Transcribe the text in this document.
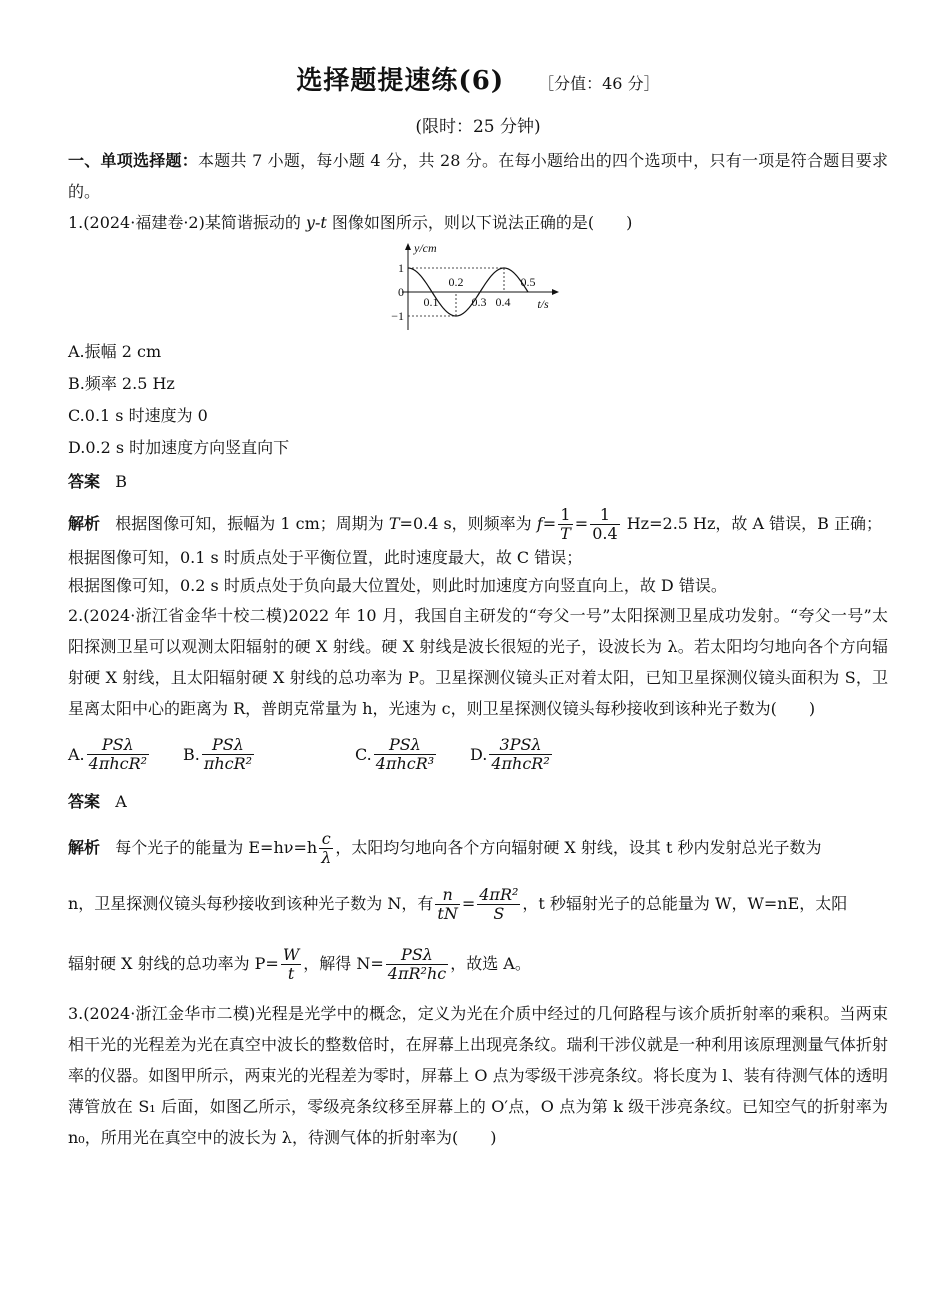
选择题提速练(6) ［分值：46 分］
(限时：25 分钟)

一、单项选择题：本题共 7 小题，每小题 4 分，共 28 分。在每小题给出的四个选项中，只有一项是符合题目要求的。

1.(2024·福建卷·2)某简谐振动的 y-t 图像如图所示，则以下说法正确的是(　　)

1
0
−1
0.1
0.2
0.3 0.4
0.5
y/cm
t/s

A.振幅 2 cm

B.频率 2.5 Hz

C.0.1 s 时速度为 0

D.0.2 s 时加速度方向竖直向下

答案 B

解析 根据图像可知，振幅为 1 cm；周期为 T=0.4 s，则频率为 $f= \frac{1}{T} = \frac{1}{0.4} Hz=2.5$ Hz，故 A 错误，B 正确；

根据图像可知，0.1 s 时质点处于平衡位置，此时速度最大，故 C 错误；

根据图像可知，0.2 s 时质点处于负向最大位置处，则此时加速度方向竖直向上，故 D 错误。

2.(2024·浙江省金华十校二模)2022 年 10 月，我国自主研发的“夸父一号”太阳探测卫星成功发射。“夸父一号”太阳探测卫星可以观测太阳辐射的硬 X 射线。硬 X 射线是波长很短的光子，设波长为 λ。若太阳均匀地向各个方向辐射硬 X 射线，且太阳辐射硬 X 射线的总功率为 P。卫星探测仪镜头正对着太阳，已知卫星探测仪镜头面积为 S，卫星离太阳中心的距离为 R，普朗克常量为 h，光速为 c，则卫星探测仪镜头每秒接收到该种光子数为(　　)

A. $\frac{\text{PSλ}}{\text{4πhcR²}} B$. $\frac{\text{PSλ}}{\text{πhcR²}}$	C. $\frac{\text{PSλ}}{\text{4πhcR³}} D$. $\frac{\text{3PSλ}}{\text{4πhcR²}}$

答案 A

解析 每个光子的能量为 $E=h\nu=h \frac{c}{\lambda}$ ，太阳均匀地向各个方向辐射硬 X 射线，设其 t 秒内发射总光子数为

n，卫星探测仪镜头每秒接收到该种光子数为 N，有 $\frac{n}{tN} = \frac{\text{4πR²}}{S}$ ，t 秒辐射光子的总能量为 W，W=nE，太阳

辐射硬 X 射线的总功率为 $P= \frac{W}{t}$ ，解得 $N= \frac{\text{PSλ}}{\text{4πR²hc}}$ ，故选 A。

3.(2024·浙江金华市二模)光程是光学中的概念，定义为光在介质中经过的几何路程与该介质折射率的乘积。当两束相干光的光程差为光在真空中波长的整数倍时，在屏幕上出现亮条纹。瑞利干涉仪就是一种利用该原理测量气体折射率的仪器。如图甲所示，两束光的光程差为零时，屏幕上 O 点为零级干涉亮条纹。将长度为 l、装有待测气体的透明薄管放在 S₁ 后面，如图乙所示，零级亮条纹移至屏幕上的 O′点，O 点为第 k 级干涉亮条纹。已知空气的折射率为 n₀，所用光在真空中的波长为 λ，待测气体的折射率为(　　)
